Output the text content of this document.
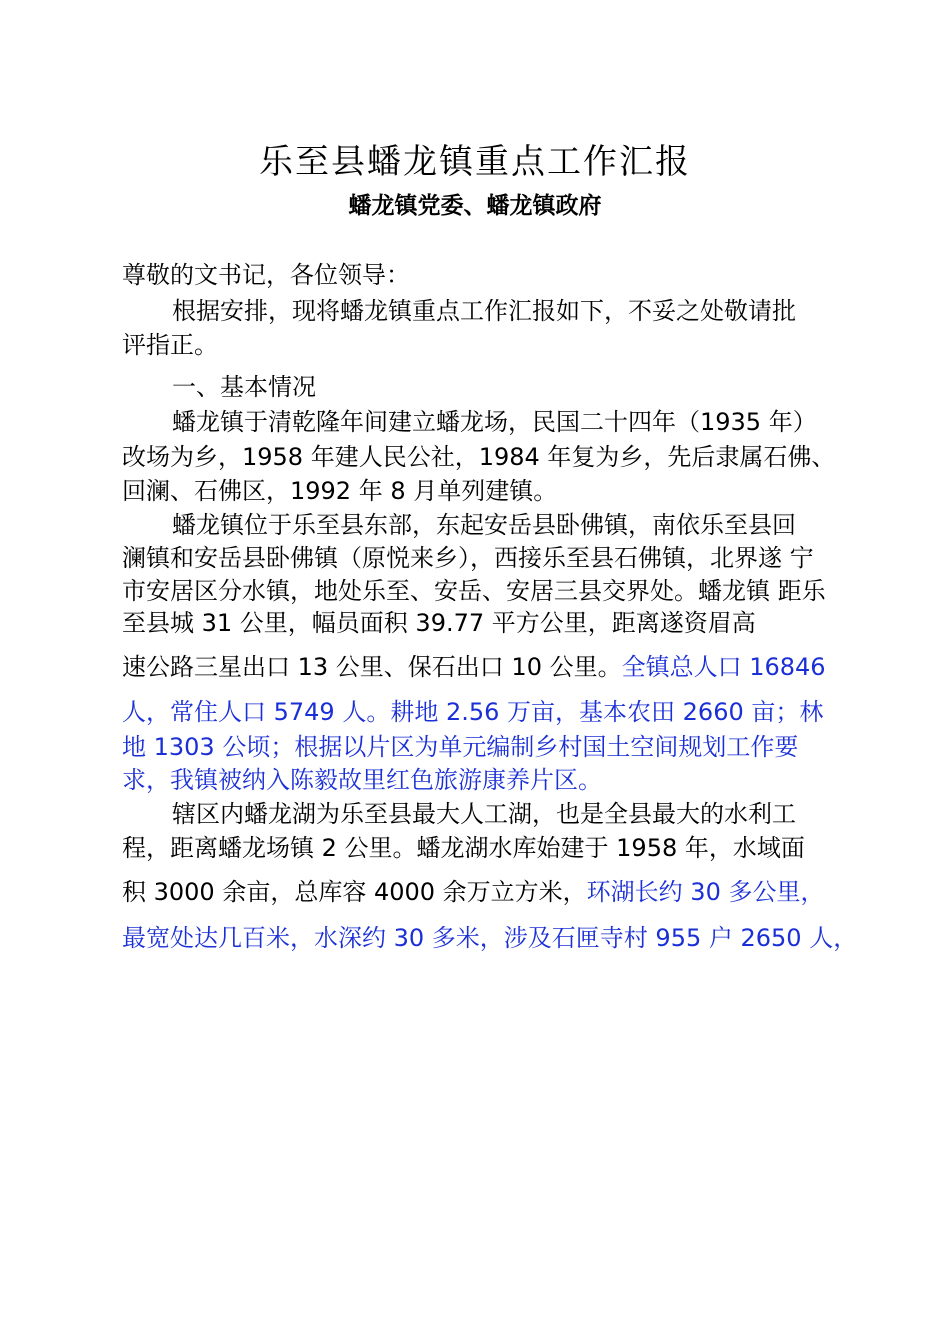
乐至县蟠龙镇重点工作汇报
蟠龙镇党委、蟠龙镇政府
尊敬的文书记，各位领导：
根据安排，现将蟠龙镇重点工作汇报如下，不妥之处敬请批
评指正。
一、基本情况
蟠龙镇于清乾隆年间建立蟠龙场，民国二十四年（1935 年）
改场为乡，1958 年建人民公社，1984 年复为乡，先后隶属石佛、
回澜、石佛区，1992 年 8 月单列建镇。
蟠龙镇位于乐至县东部，东起安岳县卧佛镇，南依乐至县回
澜镇和安岳县卧佛镇（原悦来乡），西接乐至县石佛镇，北界遂 宁
市安居区分水镇，地处乐至、安岳、安居三县交界处。蟠龙镇 距乐
至县城 31 公里，幅员面积 39.77 平方公里，距离遂资眉高
速公路三星出口 13 公里、保石出口 10 公里。全镇总人口 16846
人，常住人口 5749 人。耕地 2.56 万亩，基本农田 2660 亩；林
地 1303 公顷；根据以片区为单元编制乡村国土空间规划工作要
求，我镇被纳入陈毅故里红色旅游康养片区。
辖区内蟠龙湖为乐至县最大人工湖，也是全县最大的水利工
程，距离蟠龙场镇 2 公里。蟠龙湖水库始建于 1958 年，水域面
积 3000 余亩，总库容 4000 余万立方米，环湖长约 30 多公里，
最宽处达几百米，水深约 30 多米，涉及石匣寺村 955 户 2650 人，
